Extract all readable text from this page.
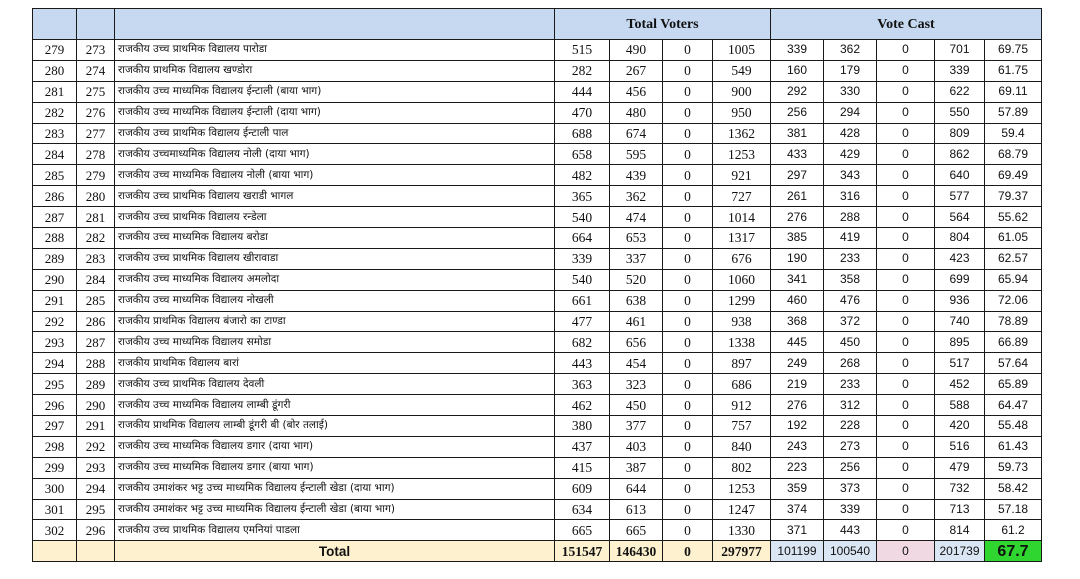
			Total Voters				Vote Cast				
279	273	राजकीय उच्च प्राथमिक विद्यालय पारोडा	515	490	0	1005	339	362	0	701	69.75
280	274	राजकीय प्राथमिक विद्यालय खण्डोरा	282	267	0	549	160	179	0	339	61.75
281	275	राजकीय उच्च माध्यमिक विद्यालय ईन्टाली (बाया भाग)	444	456	0	900	292	330	0	622	69.11
282	276	राजकीय उच्च माध्यमिक विद्यालय ईन्टाली (दाया भाग)	470	480	0	950	256	294	0	550	57.89
283	277	राजकीय उच्च प्राथमिक विद्यालय ईन्टाली पाल	688	674	0	1362	381	428	0	809	59.4
284	278	राजकीय उच्चमाध्यमिक विद्यालय नोली (दाया भाग)	658	595	0	1253	433	429	0	862	68.79
285	279	राजकीय उच्च माध्यमिक विद्यालय नोली (बाया भाग)	482	439	0	921	297	343	0	640	69.49
286	280	राजकीय उच्च प्राथमिक विद्यालय खराडी भागल	365	362	0	727	261	316	0	577	79.37
287	281	राजकीय उच्च प्राथमिक विद्यालय रन्डेला	540	474	0	1014	276	288	0	564	55.62
288	282	राजकीय उच्च माध्यमिक विद्यालय बरोडा	664	653	0	1317	385	419	0	804	61.05
289	283	राजकीय उच्च प्राथमिक विद्यालय खीरावाडा	339	337	0	676	190	233	0	423	62.57
290	284	राजकीय उच्च माध्यमिक विद्यालय अमलोदा	540	520	0	1060	341	358	0	699	65.94
291	285	राजकीय उच्च माध्यमिक विद्यालय नोखली	661	638	0	1299	460	476	0	936	72.06
292	286	राजकीय प्राथमिक विद्यालय बंजारो का टाण्डा	477	461	0	938	368	372	0	740	78.89
293	287	राजकीय उच्च माध्यमिक विद्यालय समोडा	682	656	0	1338	445	450	0	895	66.89
294	288	राजकीय प्राथमिक विद्यालय बारां	443	454	0	897	249	268	0	517	57.64
295	289	राजकीय उच्च प्राथमिक विद्यालय देवली	363	323	0	686	219	233	0	452	65.89
296	290	राजकीय उच्च माध्यमिक विद्यालय लाम्बी डूंगरी	462	450	0	912	276	312	0	588	64.47
297	291	राजकीय प्राथमिक विद्यालय लाम्बी डूंगरी बी (बोर तलाई)	380	377	0	757	192	228	0	420	55.48
298	292	राजकीय उच्च माध्यमिक विद्यालय डगार (दाया भाग)	437	403	0	840	243	273	0	516	61.43
299	293	राजकीय उच्च माध्यमिक विद्यालय डगार (बाया भाग)	415	387	0	802	223	256	0	479	59.73
300	294	राजकीय उमाशंकर भट्ट उच्च माध्यमिक विद्यालय ईन्टाली खेडा (दाया भाग)	609	644	0	1253	359	373	0	732	58.42
301	295	राजकीय उमाशंकर भट्ट उच्च माध्यमिक विद्यालय ईन्टाली खेडा (बाया भाग)	634	613	0	1247	374	339	0	713	57.18
302	296	राजकीय उच्च प्राथमिक विद्यालय एमनियां पाडला	665	665	0	1330	371	443	0	814	61.2
		Total	151547	146430	0	297977	101199	100540	0	201739	67.7
